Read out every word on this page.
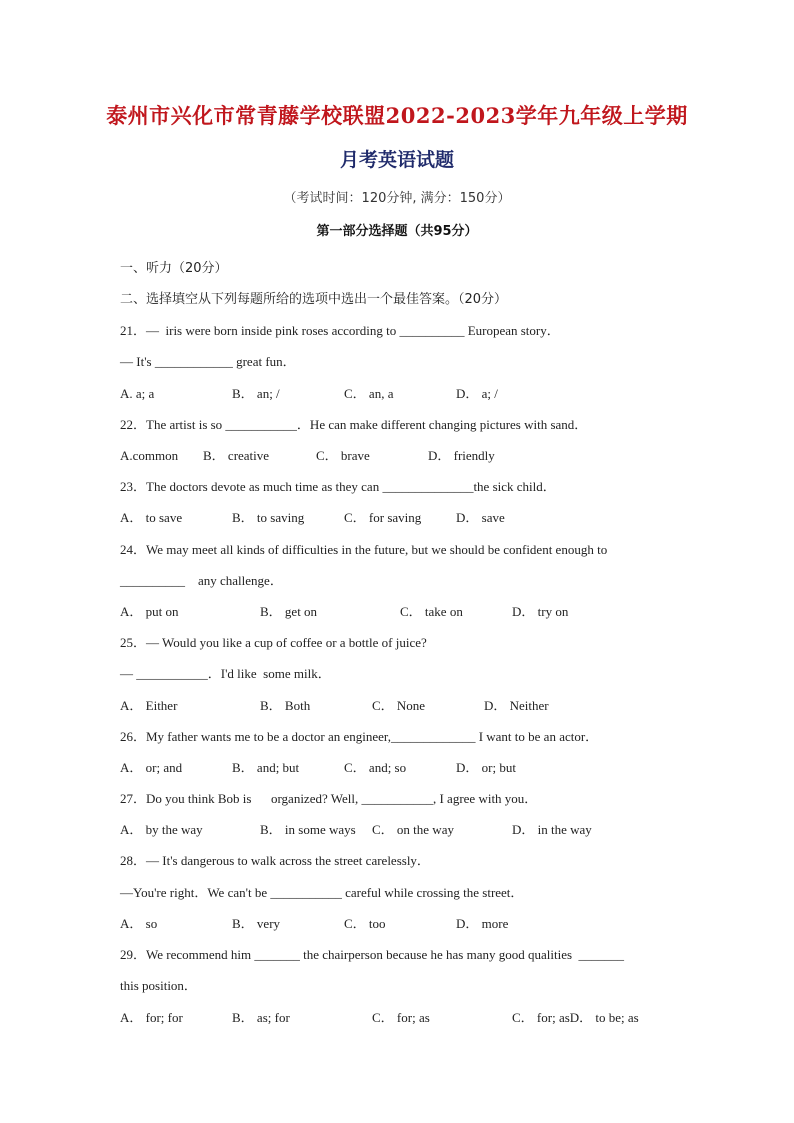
泰州市兴化市常青藤学校联盟2022-2023学年九年级上学期
月考英语试题
（考试时间：120分钟, 满分：150分）
第一部分选择题（共95分）
一、听力（20分）
二、选择填空从下列每题所给的选项中选出一个最佳答案。（20分）
21．—  iris were born inside pink roses according to __________ European story．
— It's ____________ great fun．
A. a; a	B． an; /	C． an, a	D． a; /
22．The artist is so ___________．He can make different changing pictures with sand．
A.common B． creative	C． brave	D． friendly
23．The doctors devote as much time as they can ______________the sick child．
A． to save	B． to saving	C． for saving	D． save
24．We may meet all kinds of difficulties in the future, but we should be confident enough to
__________    any challenge．
A． put on	B． get on	C． take on	D． try on
25．— Would you like a cup of coffee or a bottle of juice?
— ___________．I'd like  some milk．
A． Either	B． Both	C． None	D． Neither
26．My father wants me to be a doctor an engineer,_____________ I want to be an actor．
A． or; and	B． and; but	C． and; so	D． or; but
27．Do you think Bob is      organized? Well, ___________, I agree with you．
A． by the way	B． in some ways C． on the way	D． in the way
28．— It's dangerous to walk across the street carelessly．
—You're right．We can't be ___________ careful while crossing the street．
A． so	B． very	C． too	D． more
29．We recommend him _______ the chairperson because he has many good qualities  _______
this position．
A． for; for	B． as; for	C． for; as	C． for; asD． to be; as
